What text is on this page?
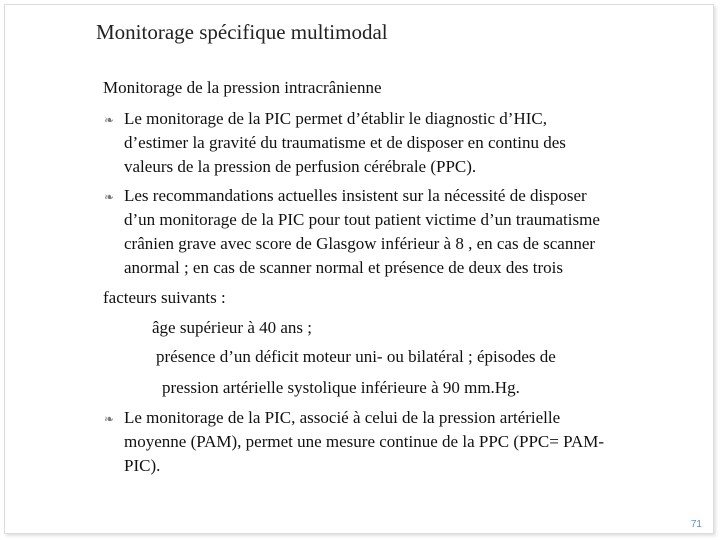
Monitorage spécifique multimodal
Monitorage de la pression intracrânienne
❧ Le monitorage de la PIC permet d’établir le diagnostic d’HIC,
d’estimer la gravité du traumatisme et de disposer en continu des
valeurs de la pression de perfusion cérébrale (PPC).
❧ Les recommandations actuelles insistent sur la nécessité de disposer
d’un monitorage de la PIC pour tout patient victime d’un traumatisme
crânien grave avec score de Glasgow inférieur à 8 , en cas de scanner
anormal ; en cas de scanner normal et présence de deux des trois
facteurs suivants :
âge supérieur à 40 ans ;
présence d’un déficit moteur uni- ou bilatéral ; épisodes de
pression artérielle systolique inférieure à 90 mm.Hg.
❧ Le monitorage de la PIC, associé à celui de la pression artérielle
moyenne (PAM), permet une mesure continue de la PPC (PPC= PAM-
PIC).
71
